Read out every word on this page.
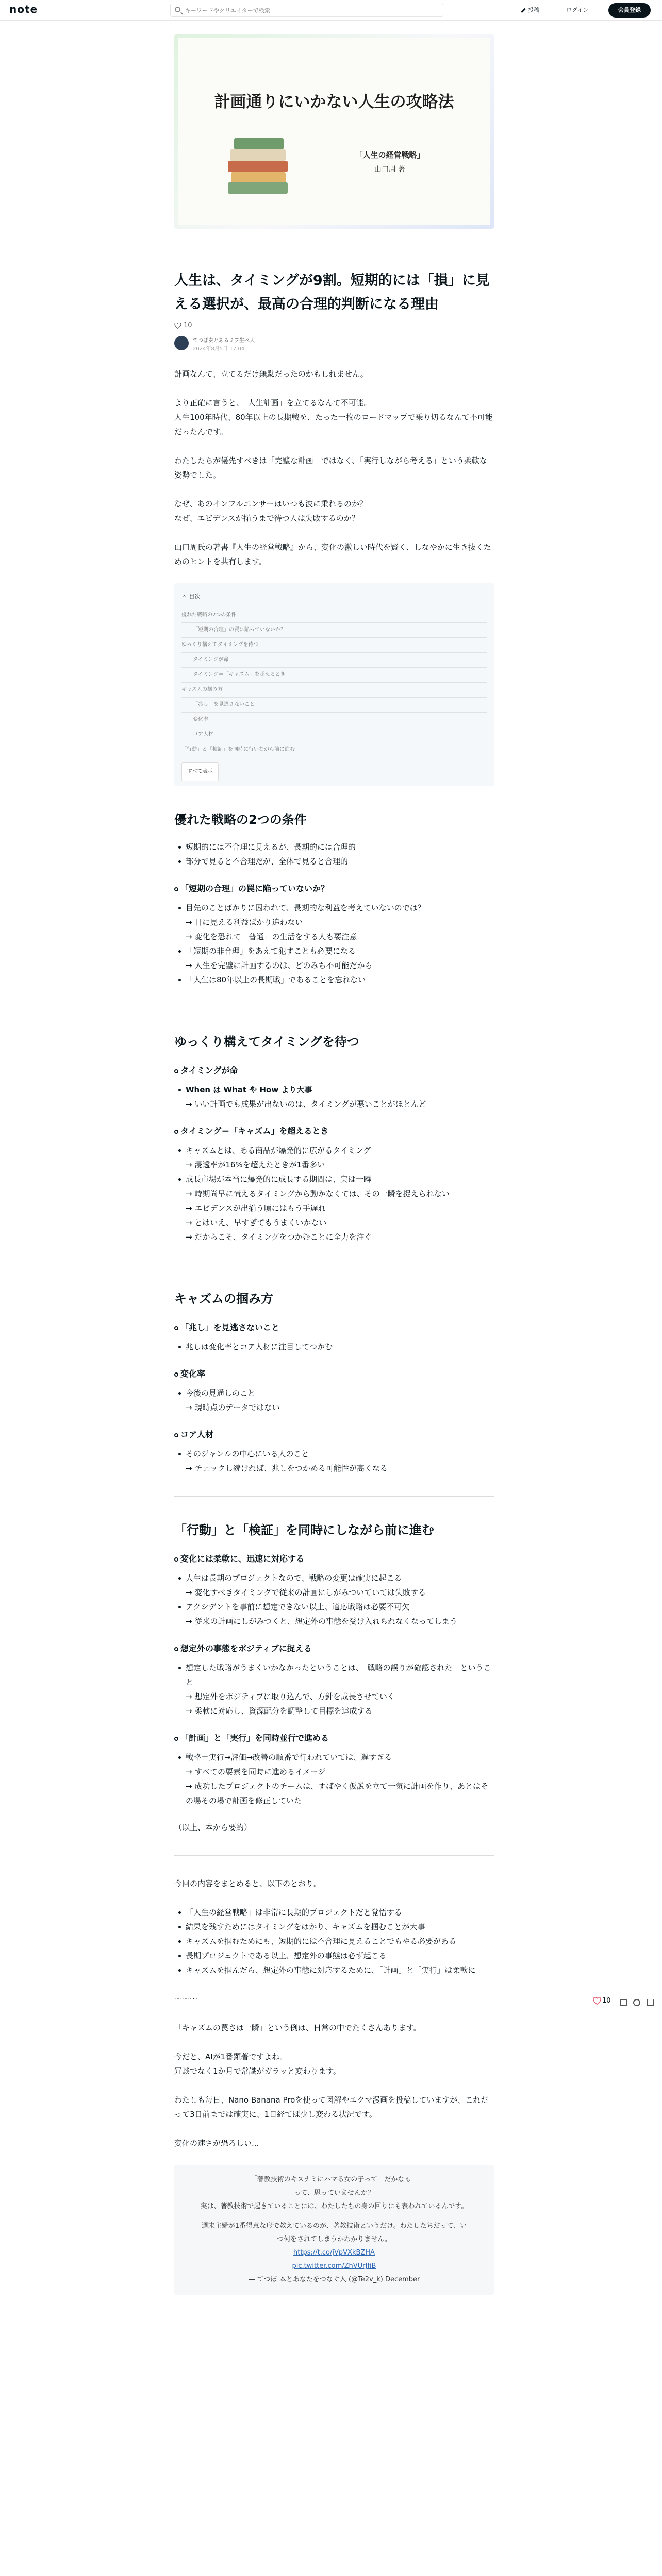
note
キーワードやクリエイターで検索	投稿	ログイン	会員登録
計画通りにいかない人生の攻略法
「人生の経営戦略」
山口周 著
人生は、タイミングが9割。短期的には「損」に見える選択が、最高の合理的判断になる理由
10
てつぼ奏とあるミヲ生べ人
2024年8月5日 17:04

計画なんて、立てるだけ無駄だったのかもしれません。

より正確に言うと、「人生計画」を立てるなんて不可能。
人生100年時代、80年以上の長期戦を、たった一枚のロードマップで乗り切るなんて不可能だったんです。

わたしたちが優先すべきは「完璧な計画」ではなく、「実行しながら考える」という柔軟な姿勢でした。

なぜ、あのインフルエンサーはいつも波に乗れるのか？
なぜ、エビデンスが揃うまで待つ人は失敗するのか？

山口周氏の著書『人生の経営戦略』から、変化の激しい時代を賢く、しなやかに生き抜くためのヒントを共有します。

＾ 目次
優れた戦略の2つの条件
「短期の合理」の罠に陥っていないか？
ゆっくり構えてタイミングを待つ
タイミングが命
タイミング＝「キャズム」を超えるとき
キャズムの掴み方
「兆し」を見逃さないこと
変化率
コア人材
「行動」と「検証」を同時に行いながら前に進む
すべて表示
優れた戦略の2つの条件
短期的には不合理に見えるが、長期的には合理的
部分で見ると不合理だが、全体で見ると合理的
「短期の合理」の罠に陥っていないか？
目先のことばかりに囚われて、長期的な利益を考えていないのでは？
→ 目に見える利益ばかり追わない
→ 変化を恐れて「普通」の生活をする人も要注意
「短期の非合理」をあえて犯すことも必要になる
→ 人生を完璧に計画するのは、どのみち不可能だから
「人生は80年以上の長期戦」であることを忘れない
ゆっくり構えてタイミングを待つ
タイミングが命
When は What や How より大事
→ いい計画でも成果が出ないのは、タイミングが悪いことがほとんど
タイミング＝「キャズム」を超えるとき
キャズムとは、ある商品が爆発的に広がるタイミング
→ 浸透率が16%を超えたときが1番多い
成長市場が本当に爆発的に成長する期間は、実は一瞬
→ 時期尚早に慌えるタイミングから動かなくては、その一瞬を捉えられない
→ エビデンスが出揃う頃にはもう手遅れ
→ とはいえ、早すぎてもうまくいかない
→ だからこそ、タイミングをつかむことに全力を注ぐ
キャズムの掴み方
「兆し」を見逃さないこと
兆しは変化率とコア人材に注目してつかむ
変化率
今後の見通しのこと
→ 現時点のデータではない
コア人材
そのジャンルの中心にいる人のこと
→ チェックし続ければ、兆しをつかめる可能性が高くなる
「行動」と「検証」を同時にしながら前に進む
変化には柔軟に、迅速に対応する
人生は長期のプロジェクトなので、戦略の変更は確実に起こる
→ 変化すべきタイミングで従来の計画にしがみついていては失敗する
アクシデントを事前に想定できない以上、適応戦略は必要不可欠
→ 従来の計画にしがみつくと、想定外の事態を受け入れられなくなってしまう
想定外の事態をポジティブに捉える
想定した戦略がうまくいかなかったということは、「戦略の誤りが確認された」ということ
→ 想定外をポジティブに取り込んで、方針を成長させていく
→ 柔軟に対応し、資源配分を調整して目標を達成する
「計画」と「実行」を同時並行で進める
戦略＝実行→評価→改善の順番で行われていては、遅すぎる
→ すべての要素を同時に進めるイメージ
→ 成功したプロジェクトのチームは、すばやく仮説を立て一気に計画を作り、あとはその場その場で計画を修正していた

（以上、本から要約）

今回の内容をまとめると、以下のとおり。

「人生の経営戦略」は非常に長期的プロジェクトだと覚悟する
結果を残すためにはタイミングをはかり、キャズムを掴むことが大事
キャズムを掴むためにも、短期的には不合理に見えることでもやる必要がある
長期プロジェクトである以上、想定外の事態は必ず起こる
キャズムを掴んだら、想定外の事態に対応するために、「計画」と「実行」は柔軟に

〜〜〜

「キャズムの罠さは一瞬」という例は、日常の中でたくさんあります。

今だと、AIが1番顕著ですよね。
冗談でなく1か月で常識がガラッと変わります。

わたしも毎日、Nano Banana Proを使って図解やエクマ漫画を投稿していますが、これだって3日前までは確実に、1日経てば少し変わる状況です。

変化の速さが恐ろしい...

「著教技術のキスナミにハマる女の子って＿だかなぁ」
って、思っていませんか？
実は、著教技術で起きていることには、わたしたちの身の回りにも表われているんです。
週末主婦が1番得意な形で教えているのが、著教技術というだけ。わたしたちだって、いつ何をされてしまうかわかりません。
https://t.co/jVpVXkBZHA
pic.twitter.com/ZhVUrJfiB
— てつぼ 本とあなたをつなぐ人 (@Te2v_k) December
10
